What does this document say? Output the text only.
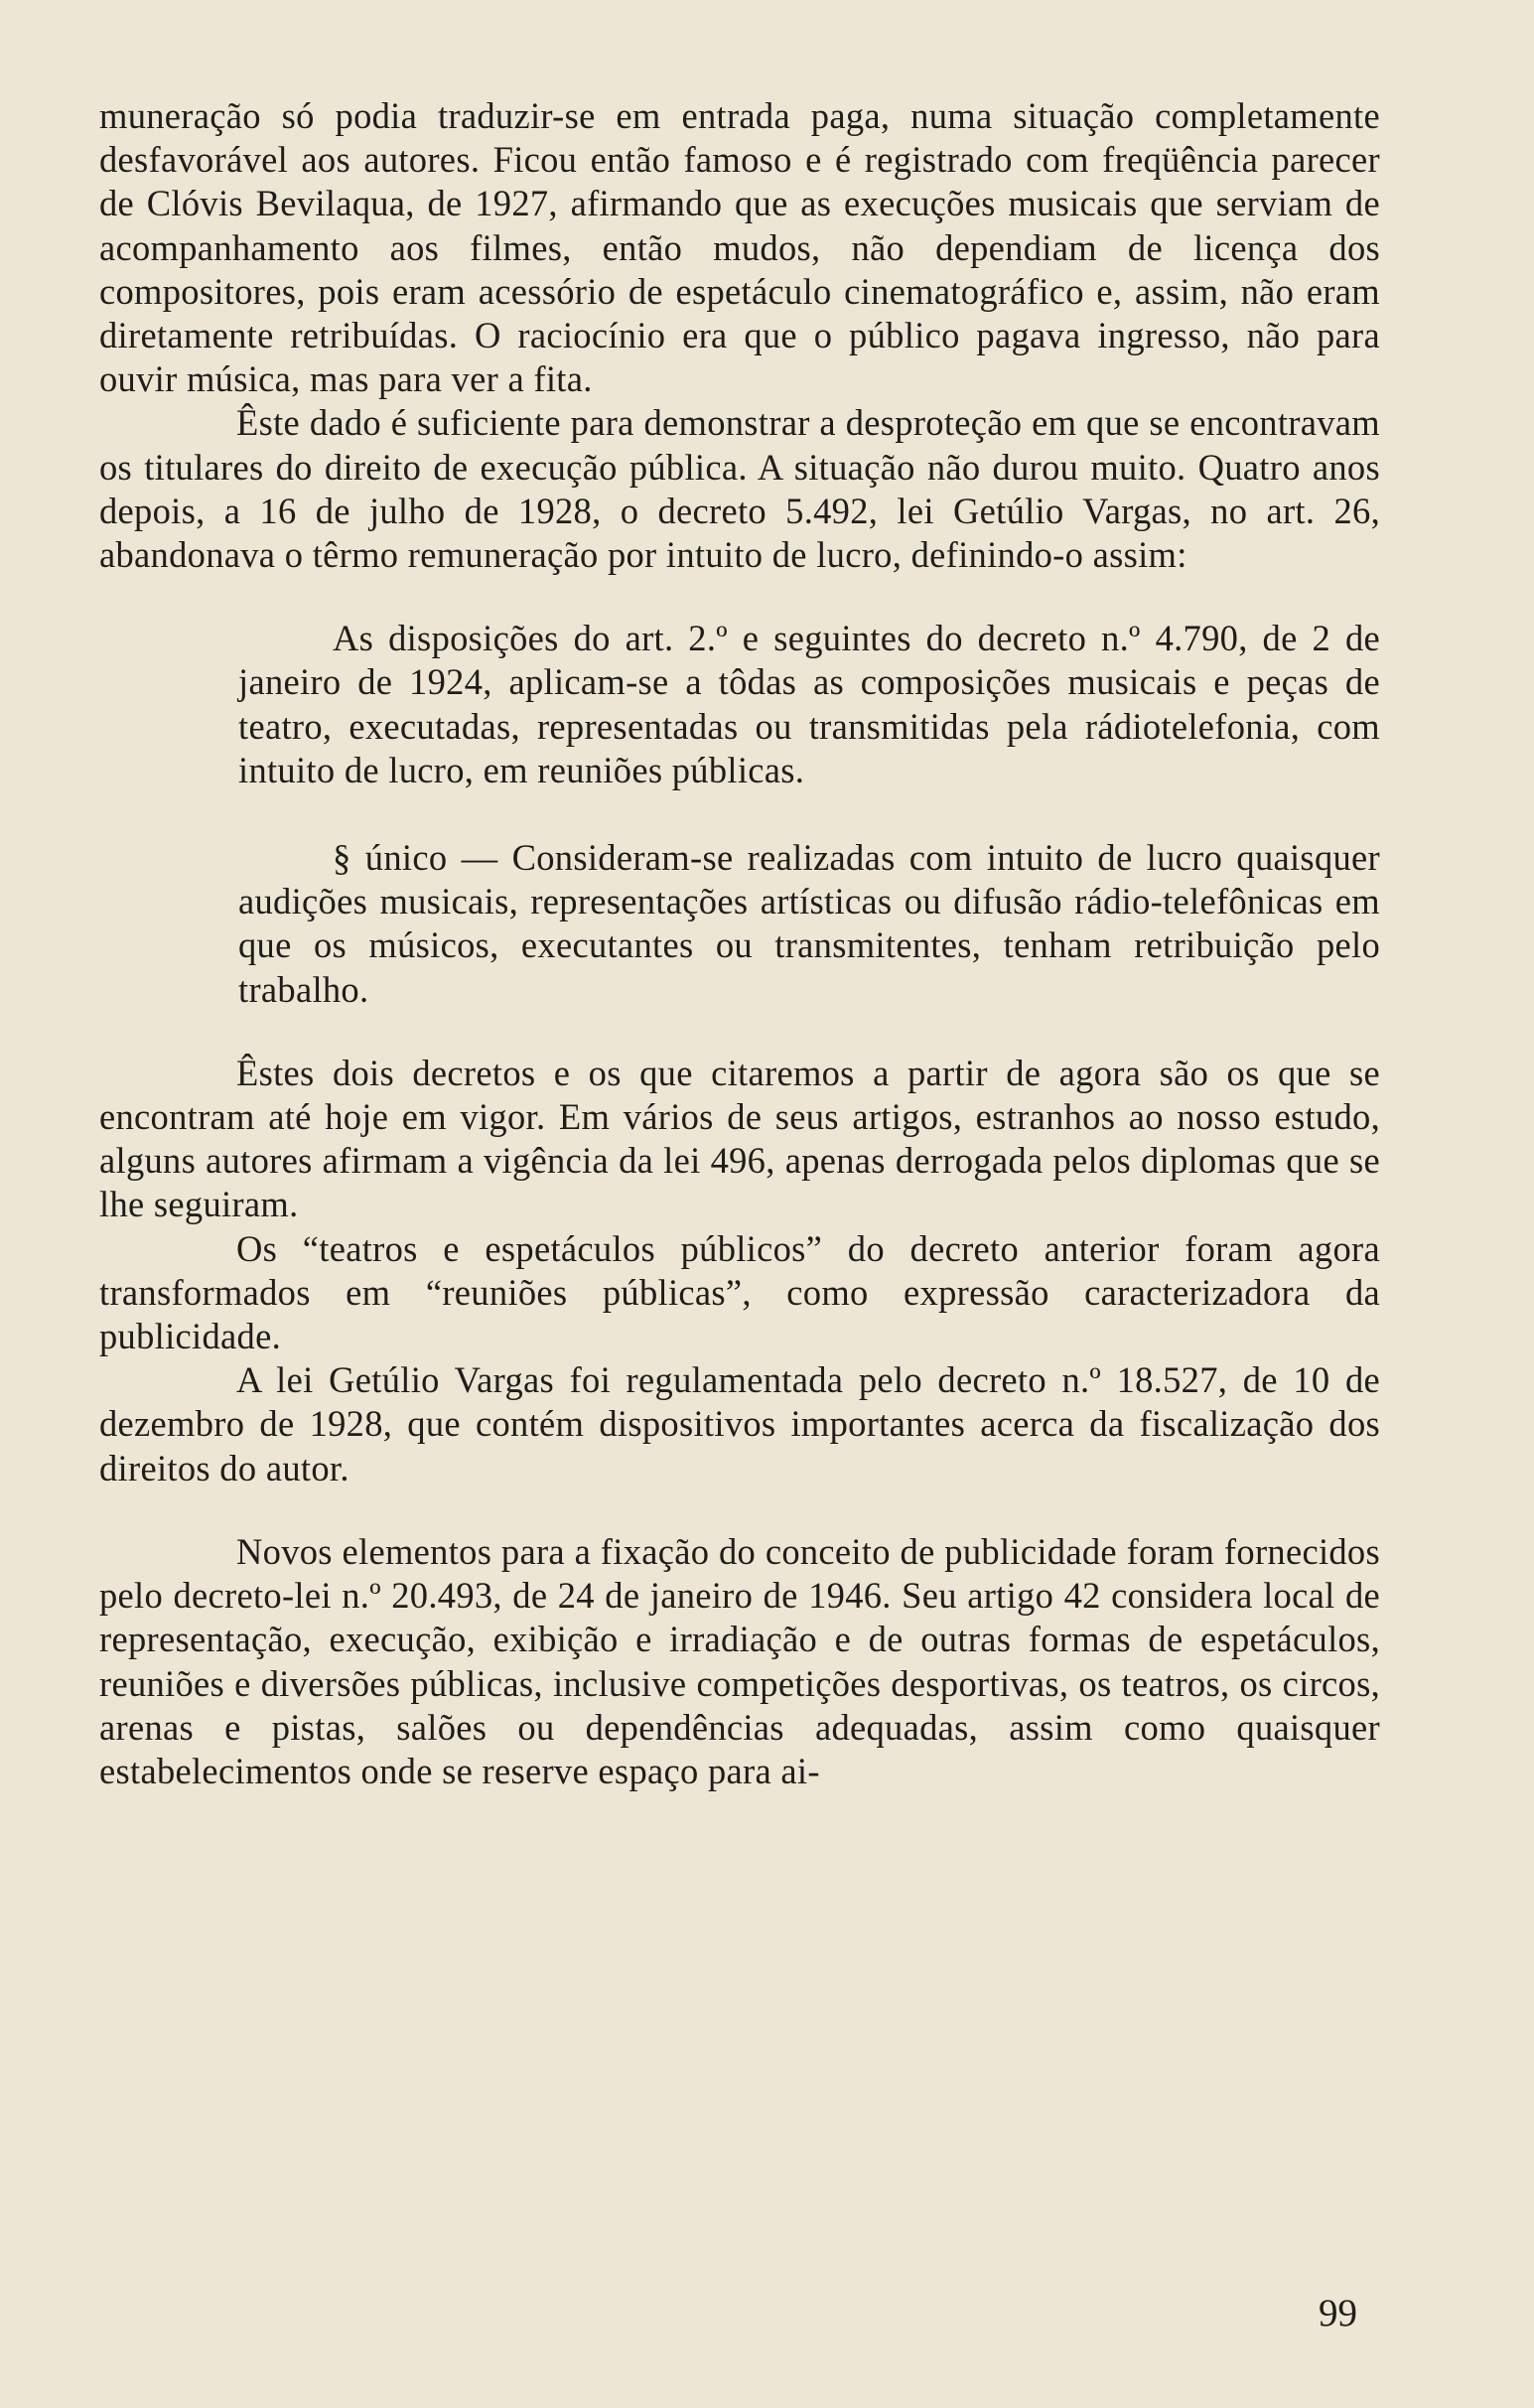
muneração só podia traduzir-se em entrada paga, numa situação completamente desfavorável aos autores. Ficou então famoso e é registrado com freqüência parecer de Clóvis Bevilaqua, de 1927, afirmando que as execuções musicais que serviam de acompanhamento aos filmes, então mudos, não dependiam de licença dos compositores, pois eram acessório de espetáculo cinematográfico e, assim, não eram diretamente retribuídas. O raciocínio era que o público pagava ingresso, não para ouvir música, mas para ver a fita.

Êste dado é suficiente para demonstrar a desproteção em que se encontravam os titulares do direito de execução pública. A situação não durou muito. Quatro anos depois, a 16 de julho de 1928, o decreto 5.492, lei Getúlio Vargas, no art. 26, abandonava o têrmo remuneração por intuito de lucro, definindo-o assim:

As disposições do art. 2.º e seguintes do decreto n.º 4.790, de 2 de janeiro de 1924, aplicam-se a tôdas as composições musicais e peças de teatro, executadas, representadas ou transmitidas pela rádiotelefonia, com intuito de lucro, em reuniões públicas.

§ único — Consideram-se realizadas com intuito de lucro quaisquer audições musicais, representações artísticas ou difusão rádio-telefônicas em que os músicos, executantes ou transmitentes, tenham retribuição pelo trabalho.

Êstes dois decretos e os que citaremos a partir de agora são os que se encontram até hoje em vigor. Em vários de seus artigos, estranhos ao nosso estudo, alguns autores afirmam a vigência da lei 496, apenas derrogada pelos diplomas que se lhe seguiram.

Os “teatros e espetáculos públicos” do decreto anterior foram agora transformados em “reuniões públicas”, como expressão caracterizadora da publicidade.

A lei Getúlio Vargas foi regulamentada pelo decreto n.º 18.527, de 10 de dezembro de 1928, que contém dispositivos importantes acerca da fiscalização dos direitos do autor.

Novos elementos para a fixação do conceito de publicidade foram fornecidos pelo decreto-lei n.º 20.493, de 24 de janeiro de 1946. Seu artigo 42 considera local de representação, execução, exibição e irradiação e de outras formas de espetáculos, reuniões e diversões públicas, inclusive competições desportivas, os teatros, os circos, arenas e pistas, salões ou dependências adequadas, assim como quaisquer estabelecimentos onde se reserve espaço para ai-

99
